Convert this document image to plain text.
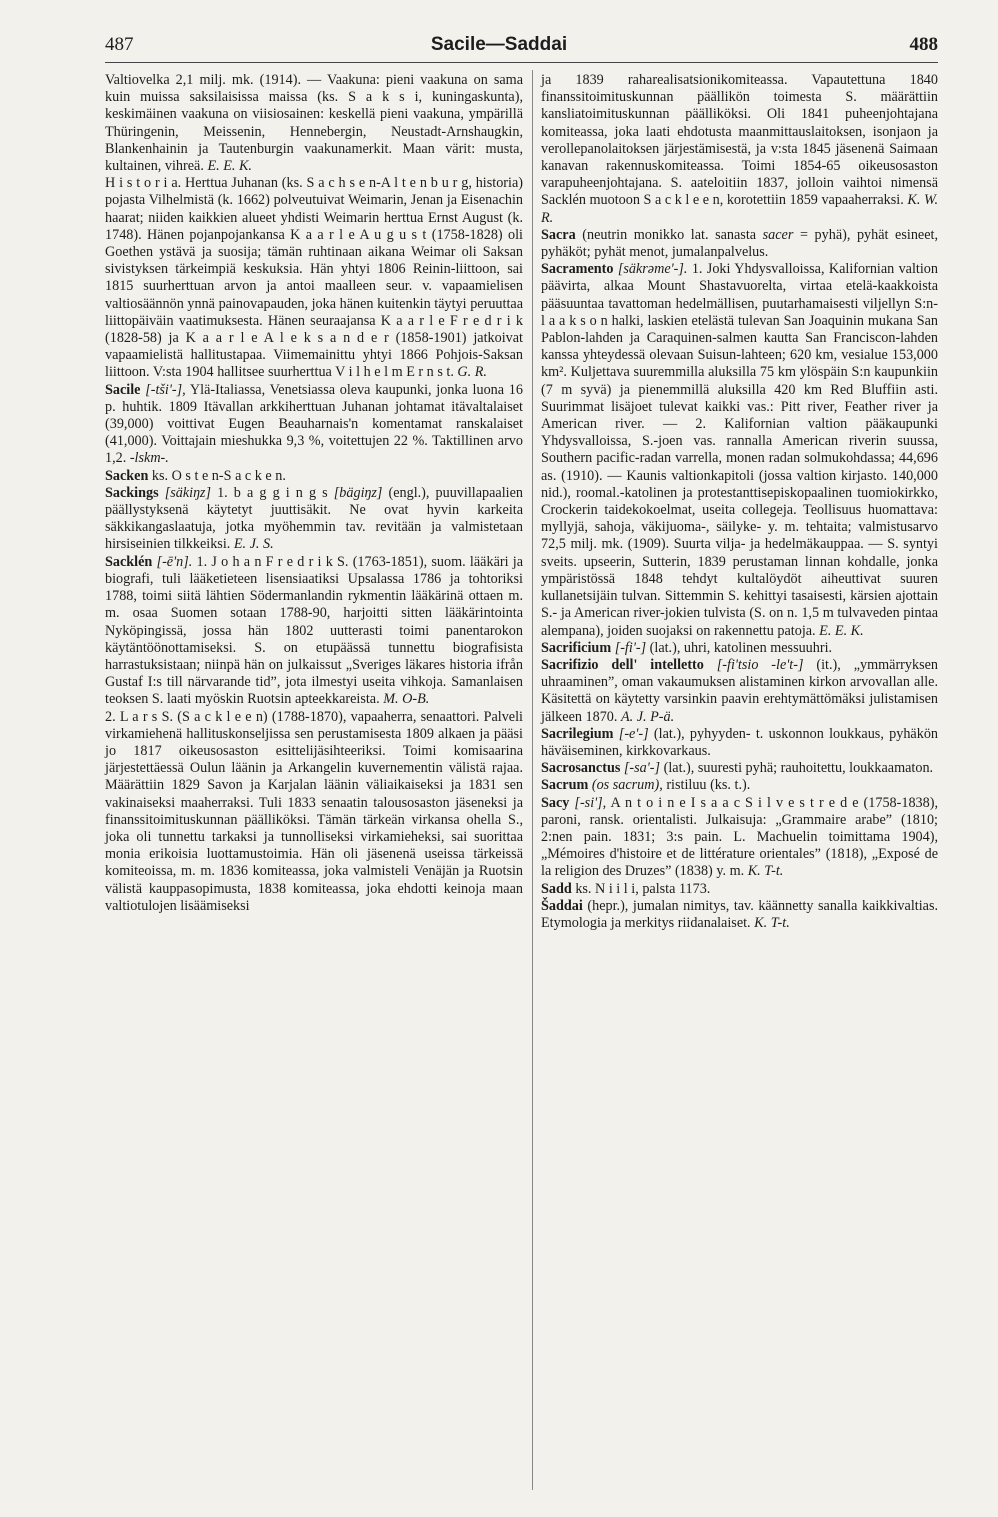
487	Sacile—Saddai	488

Valtiovelka 2,1 milj. mk. (1914). — Vaakuna: pieni vaakuna on sama kuin muissa saksilaisissa maissa (ks. S a k s i, kuningaskunta), keskimäinen vaakuna on viisiosainen: keskellä pieni vaakuna, ympärillä Thüringenin, Meissenin, Hennebergin, Neustadt-Arnshaugkin, Blankenhainin ja Tautenburgin vaakunamerkit. Maan värit: musta, kultainen, vihreä. E. E. K.

H i s t o r i a. Herttua Juhanan (ks. S a c h s e n-A l t e n b u r g, historia) pojasta Vilhelmistä (k. 1662) polveutuivat Weimarin, Jenan ja Eisenachin haarat; niiden kaikkien alueet yhdisti Weimarin herttua Ernst August (k. 1748). Hänen pojanpojankansa K a a r l e A u g u s t (1758-1828) oli Goethen ystävä ja suosija; tämän ruhtinaan aikana Weimar oli Saksan sivistyksen tärkeimpiä keskuksia. Hän yhtyi 1806 Reinin-liittoon, sai 1815 suurherttuan arvon ja antoi maalleen seur. v. vapaamielisen valtiosäännön ynnä painovapauden, joka hänen kuitenkin täytyi peruuttaa liittopäiväin vaatimuksesta. Hänen seuraajansa K a a r l e F r e d r i k (1828-58) ja K a a r l e A l e k s a n d e r (1858-1901) jatkoivat vapaamielistä hallitustapaa. Viimemainittu yhtyi 1866 Pohjois-Saksan liittoon. V:sta 1904 hallitsee suurherttua V i l h e l m E r n s t. G. R.

Sacile [-tši'-], Ylä-Italiassa, Venetsiassa oleva kaupunki, jonka luona 16 p. huhtik. 1809 Itävallan arkkiherttuan Juhanan johtamat itävaltalaiset (39,000) voittivat Eugen Beauharnais'n komentamat ranskalaiset (41,000). Voittajain mieshukka 9,3 %, voitettujen 22 %. Taktillinen arvo 1,2. -lskm-.

Sacken ks. O s t e n-S a c k e n.

Sackings [säkiŋz] 1. b a g g i n g s [bägiŋz] (engl.), puuvillapaalien päällystyksenä käytetyt juuttisäkit. Ne ovat hyvin karkeita säkkikangaslaatuja, jotka myöhemmin tav. revitään ja valmistetaan hirsiseinien tilkkeiksi. E. J. S.

Sacklén [-ē'n]. 1. J o h a n F r e d r i k S. (1763-1851), suom. lääkäri ja biografi, tuli lääketieteen lisensiaatiksi Upsalassa 1786 ja tohtoriksi 1788, toimi siitä lähtien Södermanlandin rykmentin lääkärinä ottaen m. m. osaa Suomen sotaan 1788-90, harjoitti sitten lääkärintointa Nyköpingissä, jossa hän 1802 uutterasti toimi panentarokon käytäntöönottamiseksi. S. on etupäässä tunnettu biografisista harrastuksistaan; niinpä hän on julkaissut „Sveriges läkares historia ifrån Gustaf I:s till närvarande tid”, jota ilmestyi useita vihkoja. Samanlaisen teoksen S. laati myöskin Ruotsin apteekkareista. M. O-B.

2. L a r s S. (S a c k l e e n) (1788-1870), vapaaherra, senaattori. Palveli virkamiehenä hallituskonseljissa sen perustamisesta 1809 alkaen ja pääsi jo 1817 oikeusosaston esittelijäsihteeriksi. Toimi komisaarina järjestettäessä Oulun läänin ja Arkangelin kuvernementin välistä rajaa. Määrättiin 1829 Savon ja Karjalan läänin väliaikaiseksi ja 1831 sen vakinaiseksi maaherraksi. Tuli 1833 senaatin talousosaston jäseneksi ja finanssitoimituskunnan päälliköksi. Tämän tärkeän virkansa ohella S., joka oli tunnettu tarkaksi ja tunnolliseksi virkamieheksi, sai suorittaa monia erikoisia luottamustoimia. Hän oli jäsenenä useissa tärkeissä komiteoissa, m. m. 1836 komiteassa, joka valmisteli Venäjän ja Ruotsin välistä kauppasopimusta, 1838 komiteassa, joka ehdotti keinoja maan valtiotulojen lisäämiseksi

ja 1839 raharealisatsionikomiteassa. Vapautettuna 1840 finanssitoimituskunnan päällikön toimesta S. määrättiin kansliatoimituskunnan päälliköksi. Oli 1841 puheenjohtajana komiteassa, joka laati ehdotusta maanmittauslaitoksen, isonjaon ja verollepanolaitoksen järjestämisestä, ja v:sta 1845 jäsenenä Saimaan kanavan rakennuskomiteassa. Toimi 1854-65 oikeusosaston varapuheenjohtajana. S. aateloitiin 1837, jolloin vaihtoi nimensä Sacklén muotoon S a c k l e e n, korotettiin 1859 vapaaherraksi. K. W. R.

Sacra (neutrin monikko lat. sanasta sacer = pyhä), pyhät esineet, pyhäköt; pyhät menot, jumalanpalvelus.

Sacramento [säkrəme'-]. 1. Joki Yhdysvalloissa, Kalifornian valtion päävirta, alkaa Mount Shastavuorelta, virtaa etelä-kaakkoista pääsuuntaa tavattoman hedelmällisen, puutarhamaisesti viljellyn S:n-l a a k s o n halki, laskien etelästä tulevan San Joaquinin mukana San Pablon-lahden ja Caraquinen-salmen kautta San Franciscon-lahden kanssa yhteydessä olevaan Suisun-lahteen; 620 km, vesialue 153,000 km². Kuljettava suuremmilla aluksilla 75 km ylöspäin S:n kaupunkiin (7 m syvä) ja pienemmillä aluksilla 420 km Red Bluffiin asti. Suurimmat lisäjoet tulevat kaikki vas.: Pitt river, Feather river ja American river. — 2. Kalifornian valtion pääkaupunki Yhdysvalloissa, S.-joen vas. rannalla American riverin suussa, Southern pacific-radan varrella, monen radan solmukohdassa; 44,696 as. (1910). — Kaunis valtionkapitoli (jossa valtion kirjasto. 140,000 nid.), roomal.-katolinen ja protestanttisepiskopaalinen tuomiokirkko, Crockerin taidekokoelmat, useita collegeja. Teollisuus huomattava: myllyjä, sahoja, väkijuoma-, säilyke- y. m. tehtaita; valmistusarvo 72,5 milj. mk. (1909). Suurta vilja- ja hedelmäkauppaa. — S. syntyi sveits. upseerin, Sutterin, 1839 perustaman linnan kohdalle, jonka ympäristössä 1848 tehdyt kultalöydöt aiheuttivat suuren kullanetsijäin tulvan. Sittemmin S. kehittyi tasaisesti, kärsien ajottain S.- ja American river-jokien tulvista (S. on n. 1,5 m tulvaveden pintaa alempana), joiden suojaksi on rakennettu patoja. E. E. K.

Sacrificium [-fi'-] (lat.), uhri, katolinen messuuhri.

Sacrifizio dell' intelletto [-fi'tsio -le't-] (it.), „ymmärryksen uhraaminen”, oman vakaumuksen alistaminen kirkon arvovallan alle. Käsitettä on käytetty varsinkin paavin erehtymättömäksi julistamisen jälkeen 1870. A. J. P-ä.

Sacrilegium [-e'-] (lat.), pyhyyden- t. uskonnon loukkaus, pyhäkön häväiseminen, kirkkovarkaus.

Sacrosanctus [-sa'-] (lat.), suuresti pyhä; rauhoitettu, loukkaamaton.

Sacrum (os sacrum), ristiluu (ks. t.).

Sacy [-si'], A n t o i n e I s a a c S i l v e s t r e d e (1758-1838), paroni, ransk. orientalisti. Julkaisuja: „Grammaire arabe” (1810; 2:nen pain. 1831; 3:s pain. L. Machuelin toimittama 1904), „Mémoires d'histoire et de littérature orientales” (1818), „Exposé de la religion des Druzes” (1838) y. m. K. T-t.

Sadd ks. N i i l i, palsta 1173.

Šaddai (hepr.), jumalan nimitys, tav. käännetty sanalla kaikkivaltias. Etymologia ja merkitys riidanalaiset. K. T-t.
